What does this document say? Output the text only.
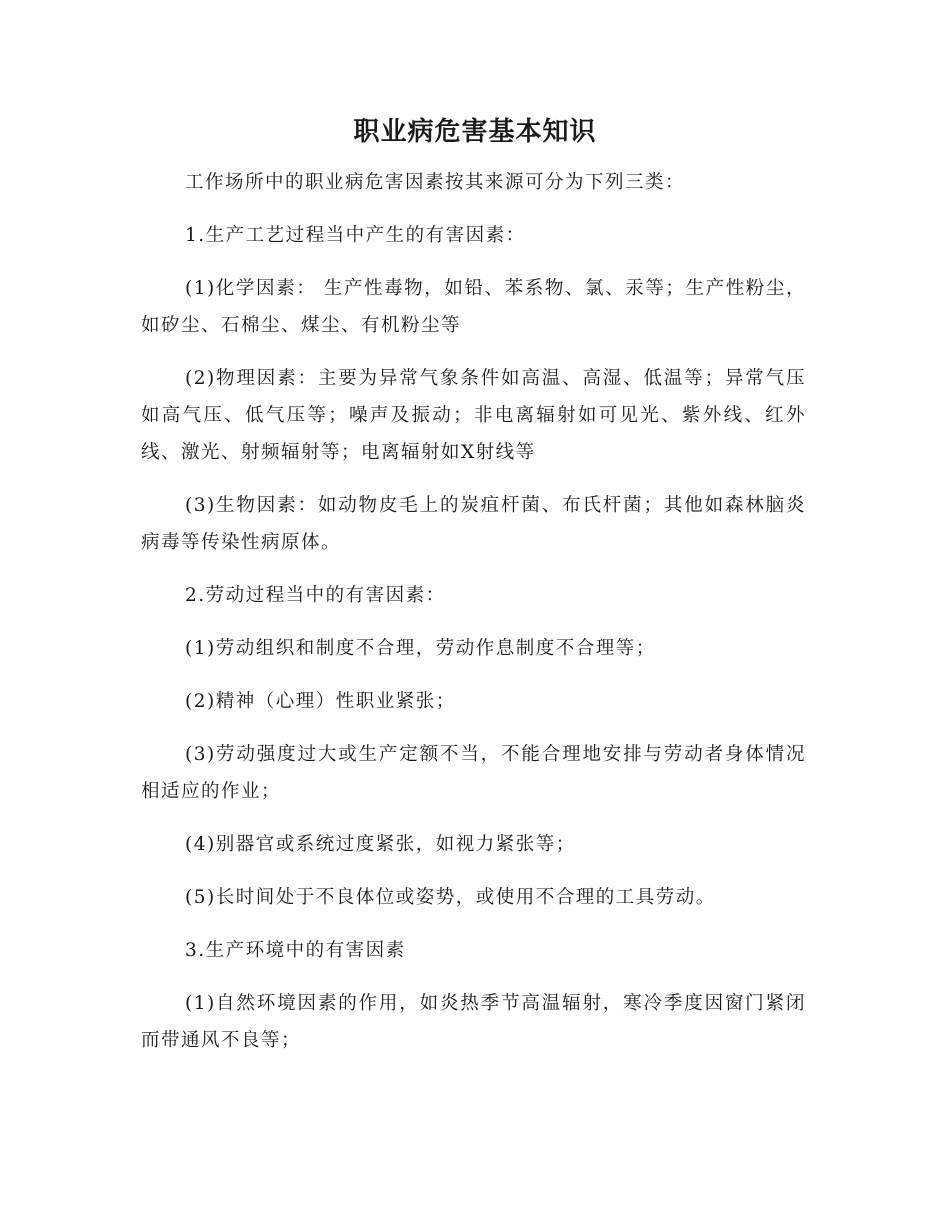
职业病危害基本知识

工作场所中的职业病危害因素按其来源可分为下列三类：

1.生产工艺过程当中产生的有害因素：

(1)化学因素： 生产性毒物，如铅、苯系物、氯、汞等；生产性粉尘，如矽尘、石棉尘、煤尘、有机粉尘等

(2)物理因素：主要为异常气象条件如高温、高湿、低温等；异常气压如高气压、低气压等；噪声及振动；非电离辐射如可见光、紫外线、红外线、激光、射频辐射等；电离辐射如X射线等

(3)生物因素：如动物皮毛上的炭疽杆菌、布氏杆菌；其他如森林脑炎病毒等传染性病原体。

2.劳动过程当中的有害因素：

(1)劳动组织和制度不合理，劳动作息制度不合理等；

(2)精神（心理）性职业紧张；

(3)劳动强度过大或生产定额不当，不能合理地安排与劳动者身体情况相适应的作业；

(4)别器官或系统过度紧张，如视力紧张等；

(5)长时间处于不良体位或姿势，或使用不合理的工具劳动。

3.生产环境中的有害因素

(1)自然环境因素的作用，如炎热季节高温辐射，寒冷季度因窗门紧闭而带通风不良等；
